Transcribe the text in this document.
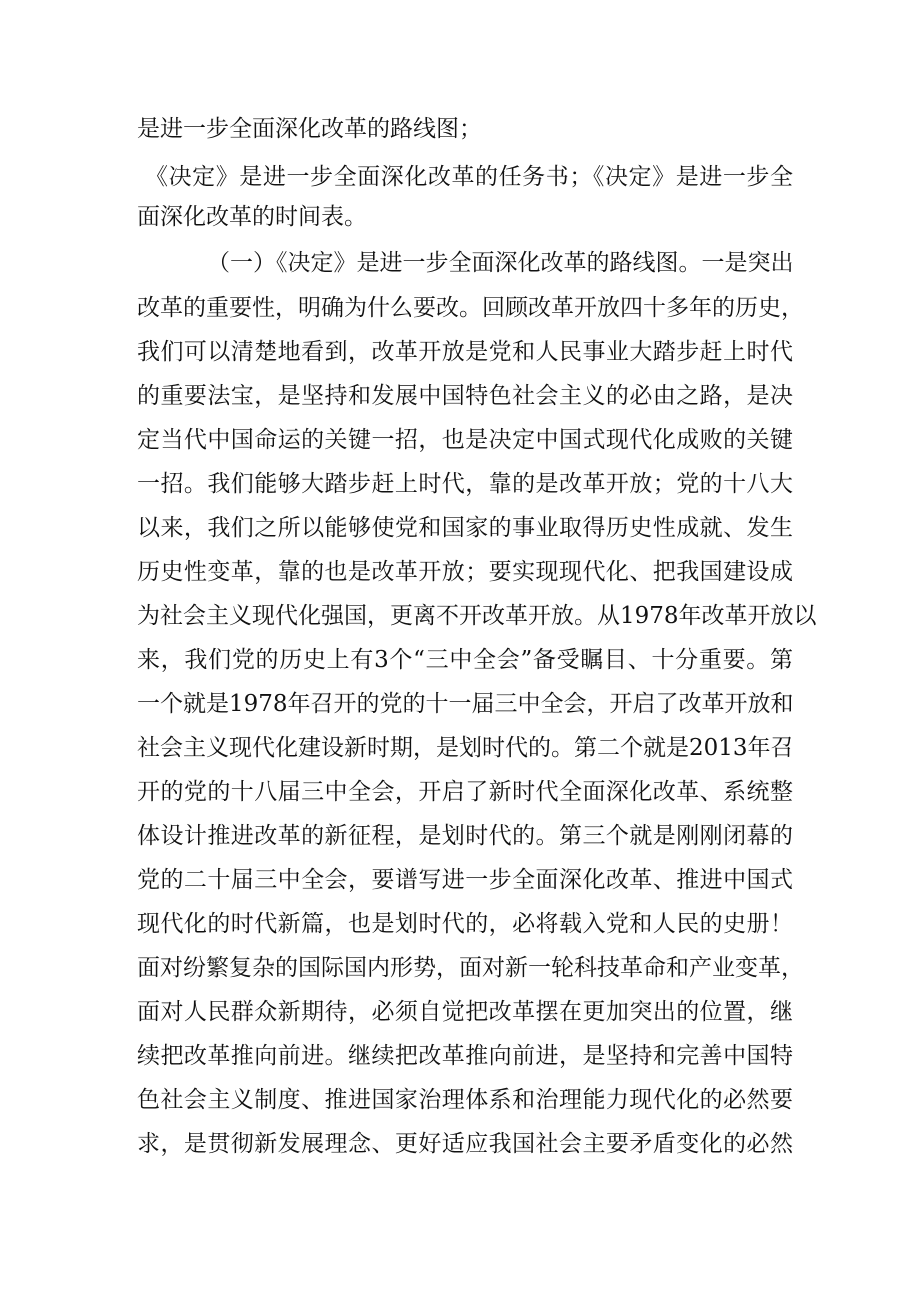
是进一步全面深化改革的路线图；
《决定》是进一步全面深化改革的任务书；《决定》是进一步全
面深化改革的时间表。
（一）《决定》是进一步全面深化改革的路线图。一是突出
改革的重要性，明确为什么要改。回顾改革开放四十多年的历史，
我们可以清楚地看到，改革开放是党和人民事业大踏步赶上时代
的重要法宝，是坚持和发展中国特色社会主义的必由之路，是决
定当代中国命运的关键一招，也是决定中国式现代化成败的关键
一招。我们能够大踏步赶上时代，靠的是改革开放；党的十八大
以来，我们之所以能够使党和国家的事业取得历史性成就、发生
历史性变革，靠的也是改革开放；要实现现代化、把我国建设成
为社会主义现代化强国，更离不开改革开放。从1978年改革开放以
来，我们党的历史上有3个“三中全会”备受瞩目、十分重要。第
一个就是1978年召开的党的十一届三中全会，开启了改革开放和
社会主义现代化建设新时期，是划时代的。第二个就是2013年召
开的党的十八届三中全会，开启了新时代全面深化改革、系统整
体设计推进改革的新征程，是划时代的。第三个就是刚刚闭幕的
党的二十届三中全会，要谱写进一步全面深化改革、推进中国式
现代化的时代新篇，也是划时代的，必将载入党和人民的史册！
面对纷繁复杂的国际国内形势，面对新一轮科技革命和产业变革，
面对人民群众新期待，必须自觉把改革摆在更加突出的位置，继
续把改革推向前进。继续把改革推向前进，是坚持和完善中国特
色社会主义制度、推进国家治理体系和治理能力现代化的必然要
求，是贯彻新发展理念、更好适应我国社会主要矛盾变化的必然
